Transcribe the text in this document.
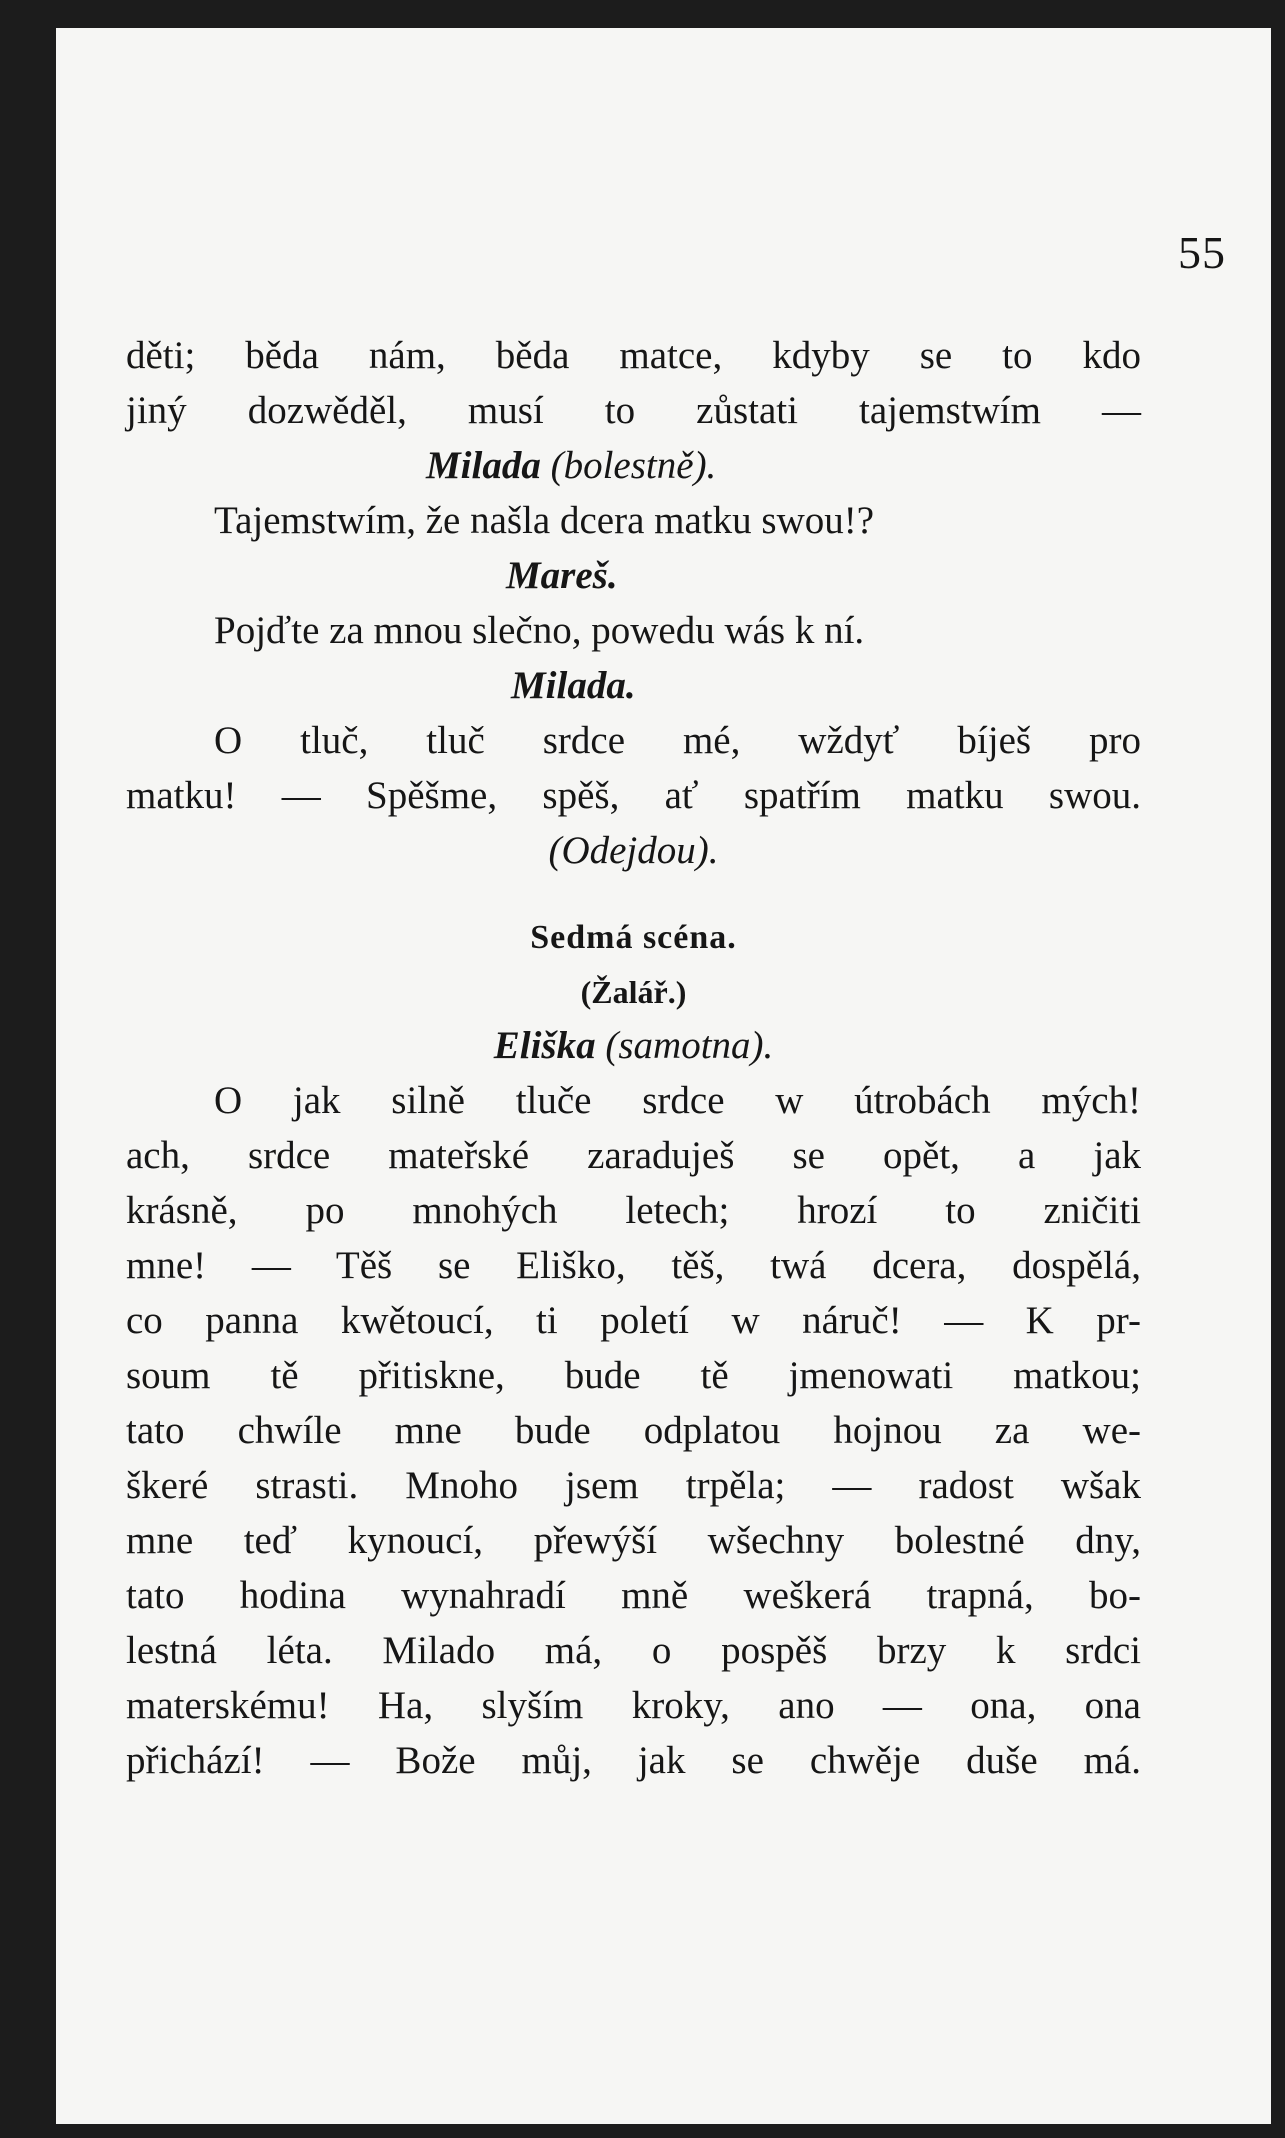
55
děti; běda nám, běda matce, kdyby se to kdo
jiný dozwěděl, musí to zůstati tajemstwím —
Milada (bolestně).
Tajemstwím, že našla dcera matku swou!?
Mareš.
Pojďte za mnou slečno, powedu wás k ní.
Milada.
O tluč, tluč srdce mé, wždyť bíješ pro
matku! — Spěšme, spěš, ať spatřím matku swou.
(Odejdou).
Sedmá scéna.
(Žalář.)
Eliška (samotna).
O jak silně tluče srdce w útrobách mých!
ach, srdce mateřské zaraduješ se opět, a jak
krásně, po mnohých letech; hrozí to zničiti
mne! — Těš se Eliško, těš, twá dcera, dospělá,
co panna kwětoucí, ti poletí w náruč! — K pr-
soum tě přitiskne, bude tě jmenowati matkou;
tato chwíle mne bude odplatou hojnou za we-
škeré strasti. Mnoho jsem trpěla; — radost wšak
mne teď kynoucí, přewýší wšechny bolestné dny,
tato hodina wynahradí mně weškerá trapná, bo-
lestná léta. Milado má, o pospěš brzy k srdci
materskému! Ha, slyším kroky, ano — ona, ona
přichází! — Bože můj, jak se chwěje duše má.
